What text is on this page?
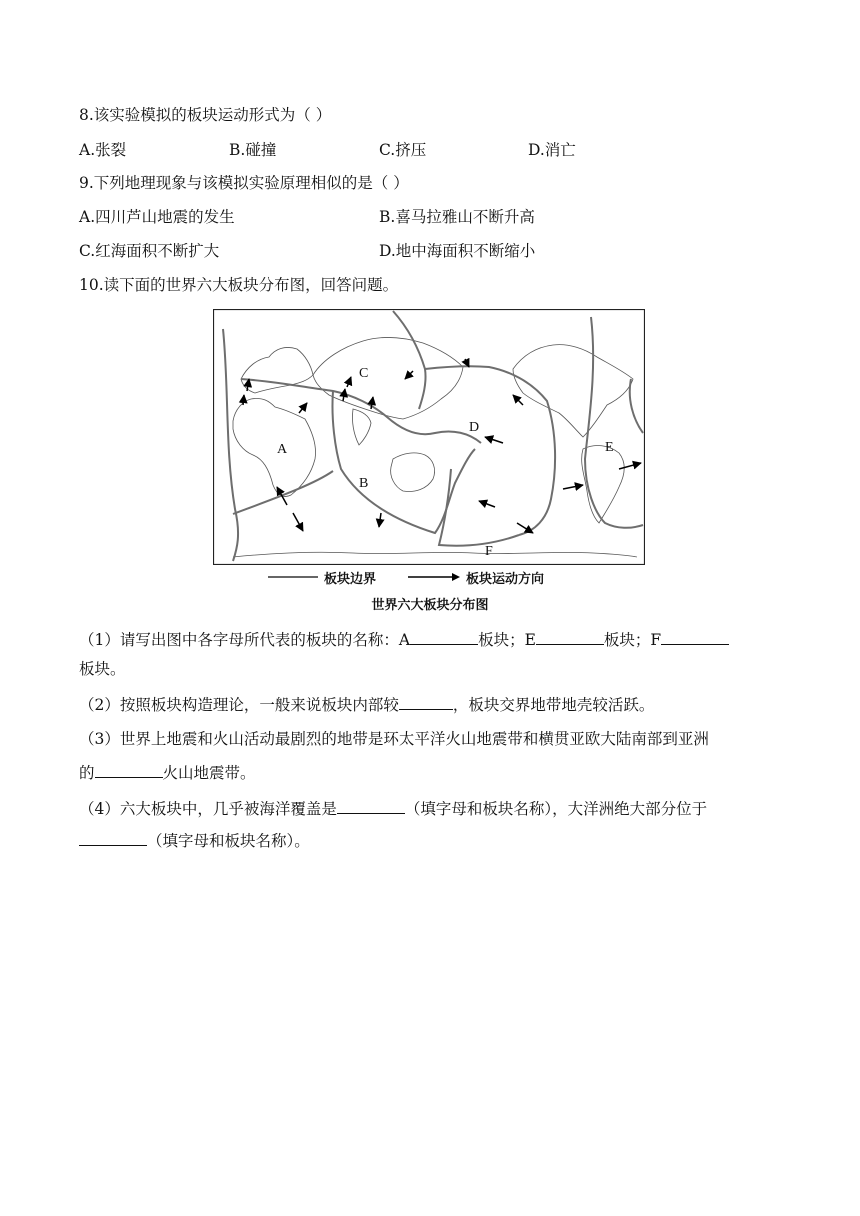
8.该实验模拟的板块运动形式为（ ）
A.张裂	B.碰撞	C.挤压	D.消亡
9.下列地理现象与该模拟实验原理相似的是（ ）
A.四川芦山地震的发生	B.喜马拉雅山不断升高
C.红海面积不断扩大	D.地中海面积不断缩小
10.读下面的世界六大板块分布图，回答问题。
A
B
C
D
E
F
板块边界	板块运动方向
世界六大板块分布图
（1）请写出图中各字母所代表的板块的名称：A	板块；E	板块；F
板块。
（2）按照板块构造理论，一般来说板块内部较	，板块交界地带地壳较活跃。
（3）世界上地震和火山活动最剧烈的地带是环太平洋火山地震带和横贯亚欧大陆南部到亚洲
的	火山地震带。
（4）六大板块中，几乎被海洋覆盖是	（填字母和板块名称），大洋洲绝大部分位于
（填字母和板块名称）。
